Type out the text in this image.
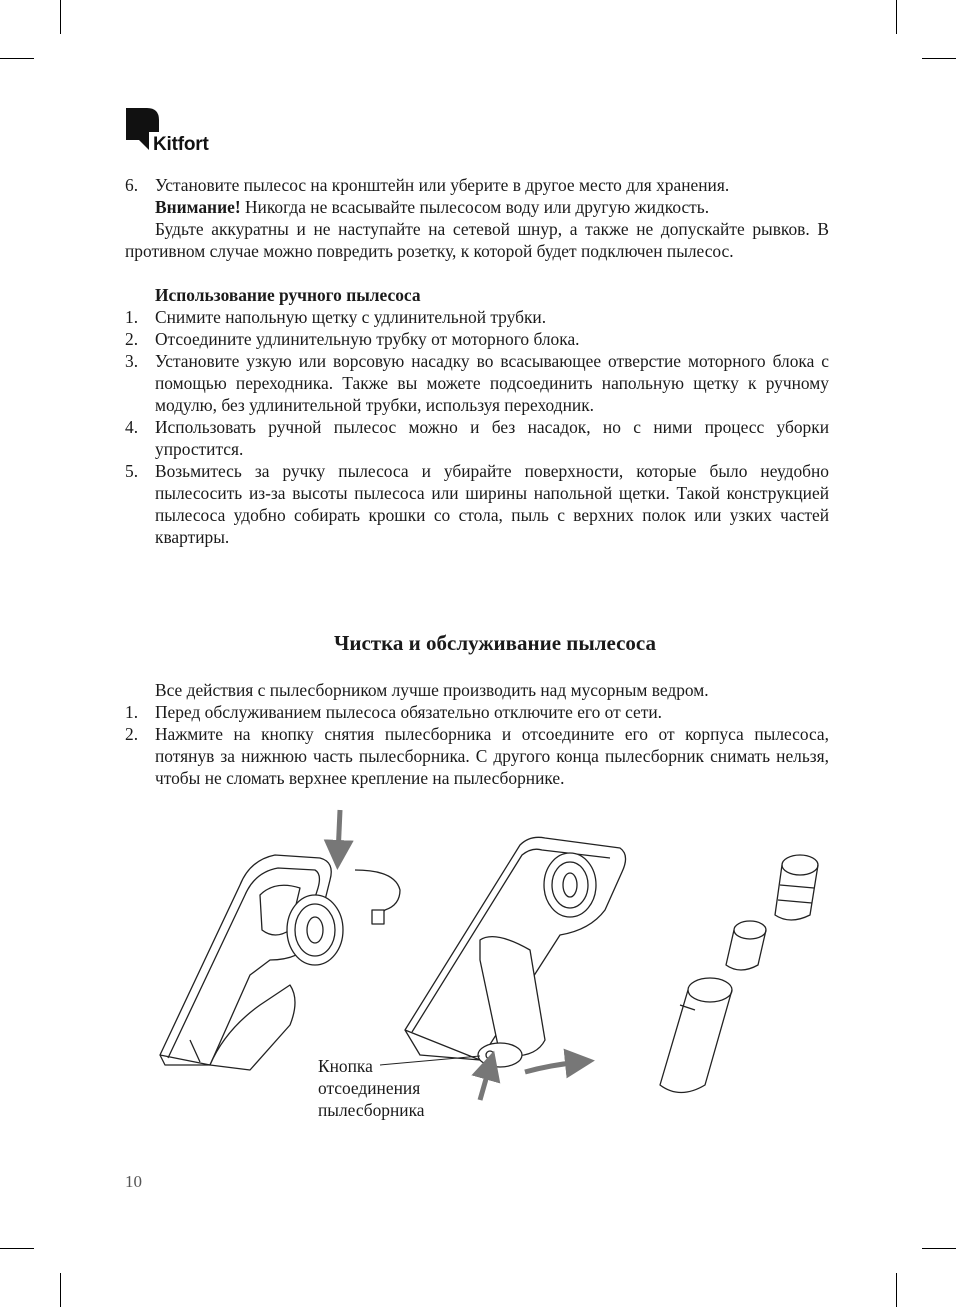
Kitfort
6. Установите пылесос на кронштейн или уберите в другое место для хранения.

Внимание! Никогда не всасывайте пылесосом воду или другую жидкость.

Будьте аккуратны и не наступайте на сетевой шнур, а также не допускайте рывков. В противном случае можно повредить розетку, к которой будет подключен пылесос.

Использование ручного пылесоса

1. Снимите напольную щетку с удлинительной трубки.
2. Отсоедините удлинительную трубку от моторного блока.
3. Установите узкую или ворсовую насадку во всасывающее отверстие моторного блока с помощью переходника. Также вы можете подсоединить напольную щетку к ручному модулю, без удлинительной трубки, используя переходник.
4. Использовать ручной пылесос можно и без насадок, но с ними процесс уборки упростится.
5. Возьмитесь за ручку пылесоса и убирайте поверхности, которые было неудобно пылесосить из-за высоты пылесоса или ширины напольной щетки. Такой конструкцией пылесоса удобно собирать крошки со стола, пыль с верхних полок или узких частей квартиры.
Чистка и обслуживание пылесоса

Все действия с пылесборником лучше производить над мусорным ведром.

1. Перед обслуживанием пылесоса обязательно отключите его от сети.
2. Нажмите на кнопку снятия пылесборника и отсоедините его от корпуса пылесоса, потянув за нижнюю часть пылесборника. С другого конца пылесборник снимать нельзя, чтобы не сломать верхнее крепление на пылесборнике.
Кнопка
отсоединения
пылесборника
10
